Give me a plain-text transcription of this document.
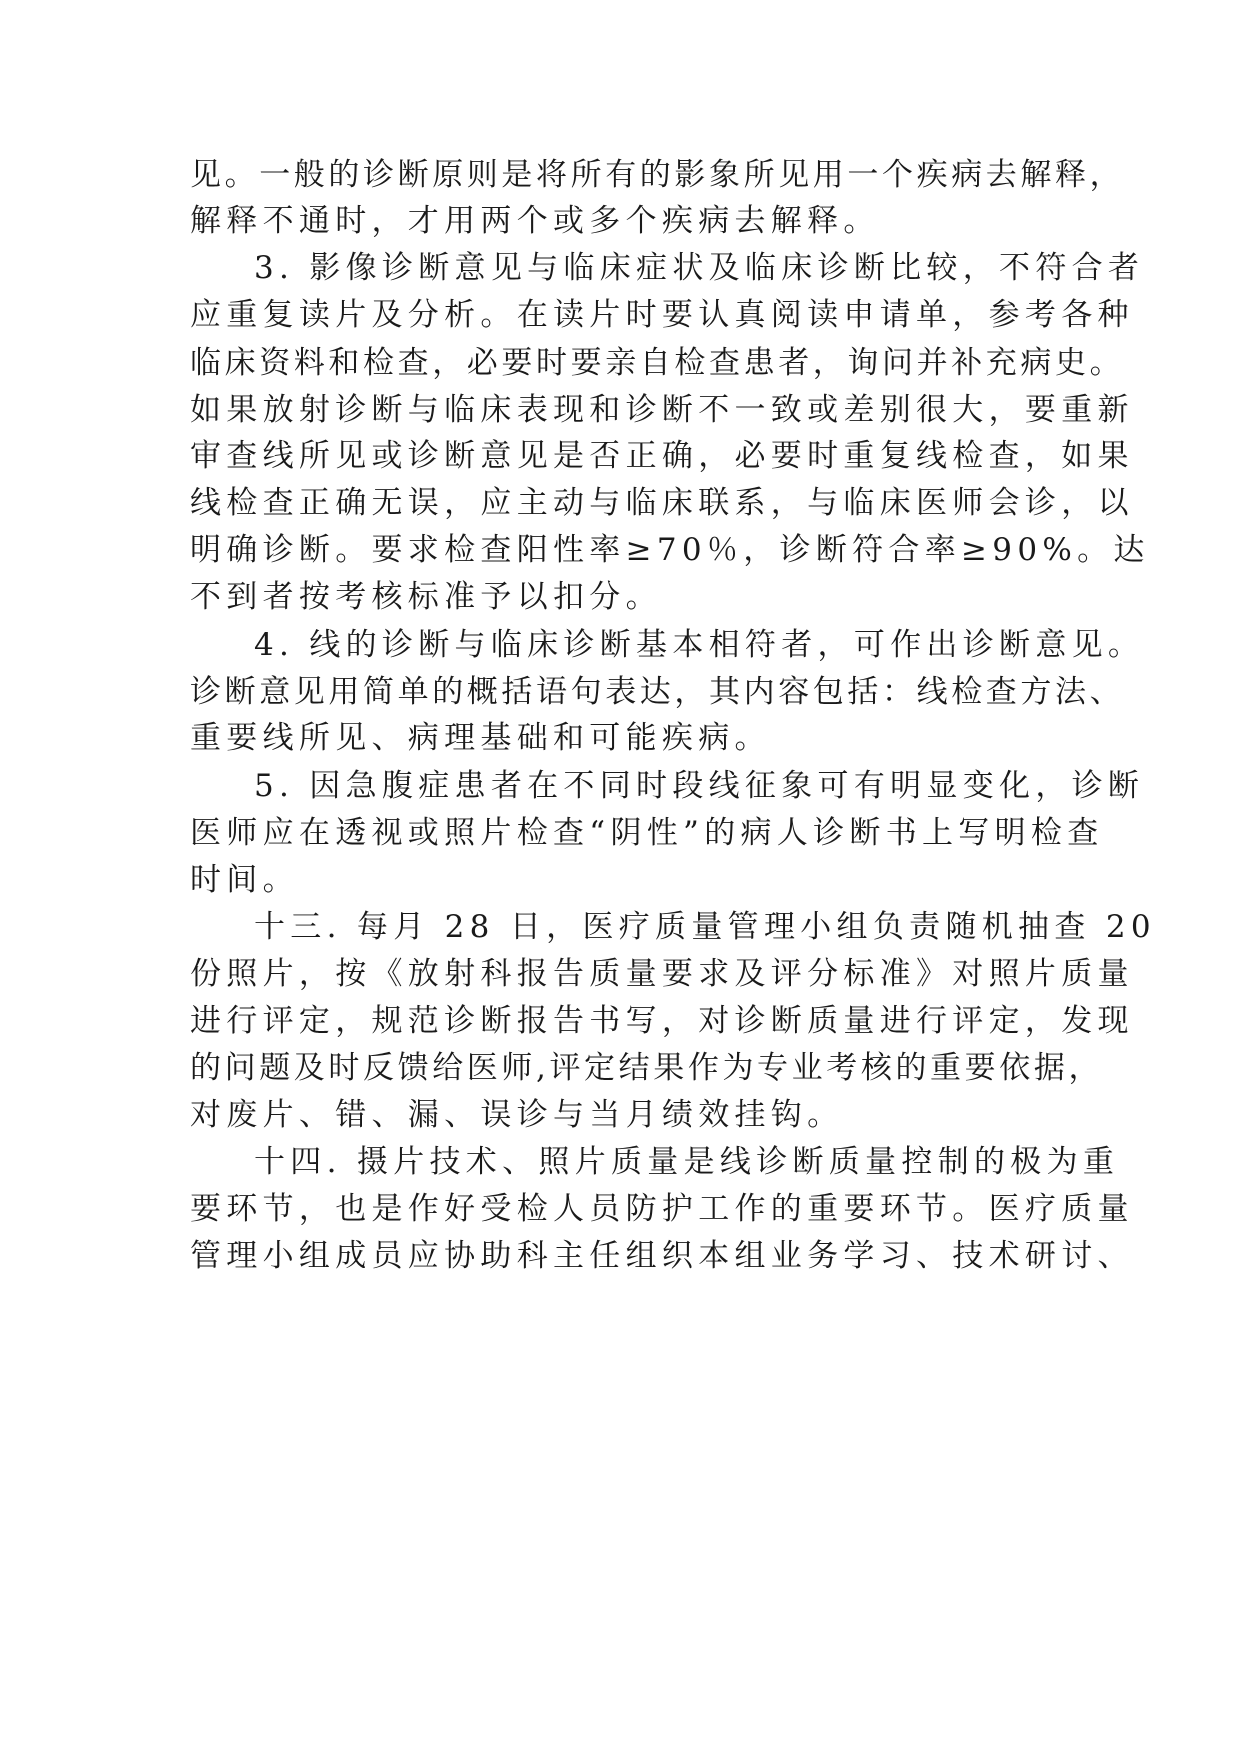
见。一般的诊断原则是将所有的影象所见用一个疾病去解释，
解释不通时，才用两个或多个疾病去解释。
3. 影像诊断意见与临床症状及临床诊断比较，不符合者
应重复读片及分析。在读片时要认真阅读申请单，参考各种
临床资料和检查，必要时要亲自检查患者，询问并补充病史。
如果放射诊断与临床表现和诊断不一致或差别很大，要重新
审查线所见或诊断意见是否正确，必要时重复线检查，如果
线检查正确无误，应主动与临床联系，与临床医师会诊，以
明确诊断。要求检查阳性率≥70％，诊断符合率≥90%。达
不到者按考核标准予以扣分。
4. 线的诊断与临床诊断基本相符者，可作出诊断意见。
诊断意见用简单的概括语句表达，其内容包括：线检查方法、
重要线所见、病理基础和可能疾病。
5. 因急腹症患者在不同时段线征象可有明显变化，诊断
医师应在透视或照片检查“阴性”的病人诊断书上写明检查
时间。
十三. 每月 28 日，医疗质量管理小组负责随机抽查 20
份照片，按《放射科报告质量要求及评分标准》对照片质量
进行评定，规范诊断报告书写，对诊断质量进行评定，发现
的问题及时反馈给医师,评定结果作为专业考核的重要依据，
对废片、错、漏、误诊与当月绩效挂钩。
十四. 摄片技术、照片质量是线诊断质量控制的极为重
要环节，也是作好受检人员防护工作的重要环节。医疗质量
管理小组成员应协助科主任组织本组业务学习、技术研讨、
